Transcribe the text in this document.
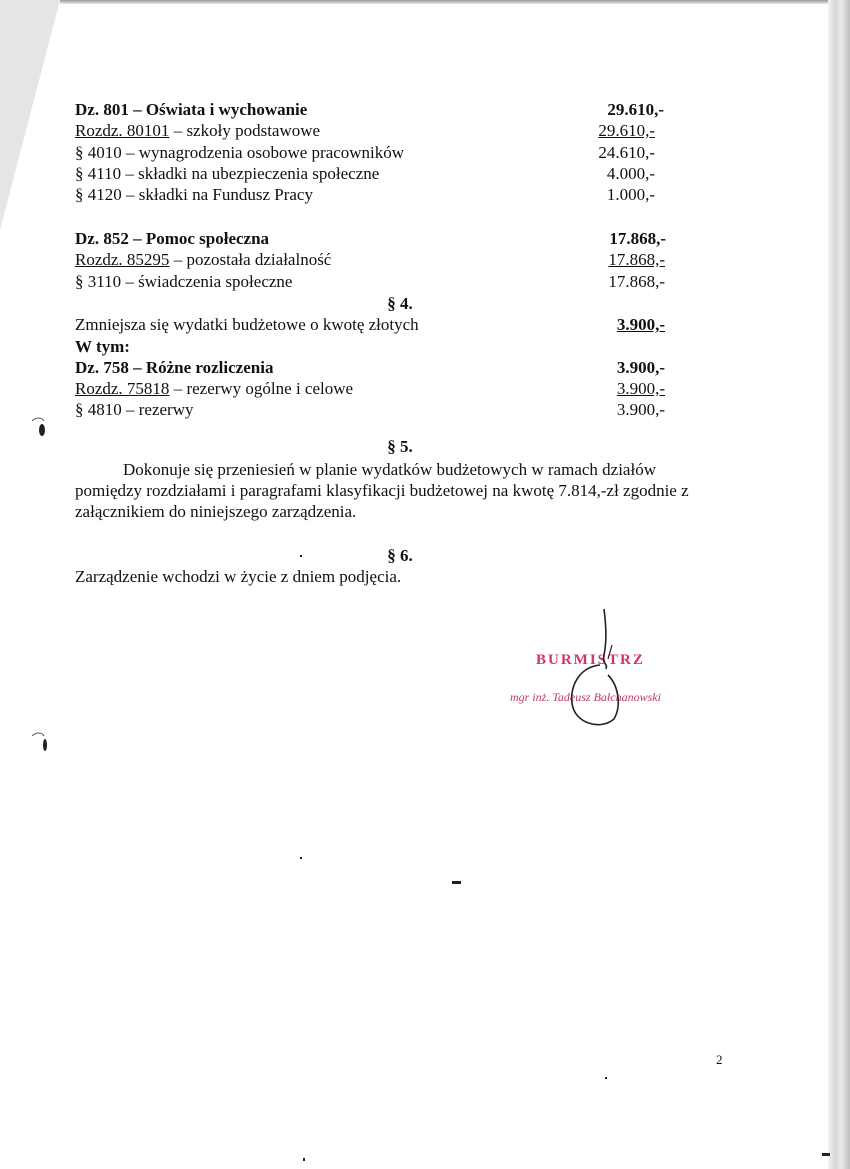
Dz. 801 – Oświata i wychowanie	29.610,-
Rozdz. 80101 – szkoły podstawowe	29.610,-
§ 4010 – wynagrodzenia osobowe pracowników	24.610,-
§ 4110 – składki na ubezpieczenia społeczne	4.000,-
§ 4120 – składki na Fundusz Pracy	1.000,-
Dz. 852 – Pomoc społeczna	17.868,-
Rozdz. 85295 – pozostała działalność	17.868,-
§ 3110 – świadczenia społeczne	17.868,-
§ 4.
Zmniejsza się wydatki budżetowe o kwotę złotych	3.900,-
W tym:
Dz. 758 – Różne rozliczenia	3.900,-
Rozdz. 75818 – rezerwy ogólne i celowe	3.900,-
§ 4810 – rezerwy	3.900,-
§ 5.
Dokonuje się przeniesień w planie wydatków budżetowych w ramach działów pomiędzy rozdziałami i paragrafami klasyfikacji budżetowej na kwotę 7.814,-zł zgodnie z załącznikiem do niniejszego zarządzenia.
§ 6.
Zarządzenie wchodzi w życie z dniem podjęcia.
BURMISTRZ
mgr inż. Tadeusz Bałchanowski
2
